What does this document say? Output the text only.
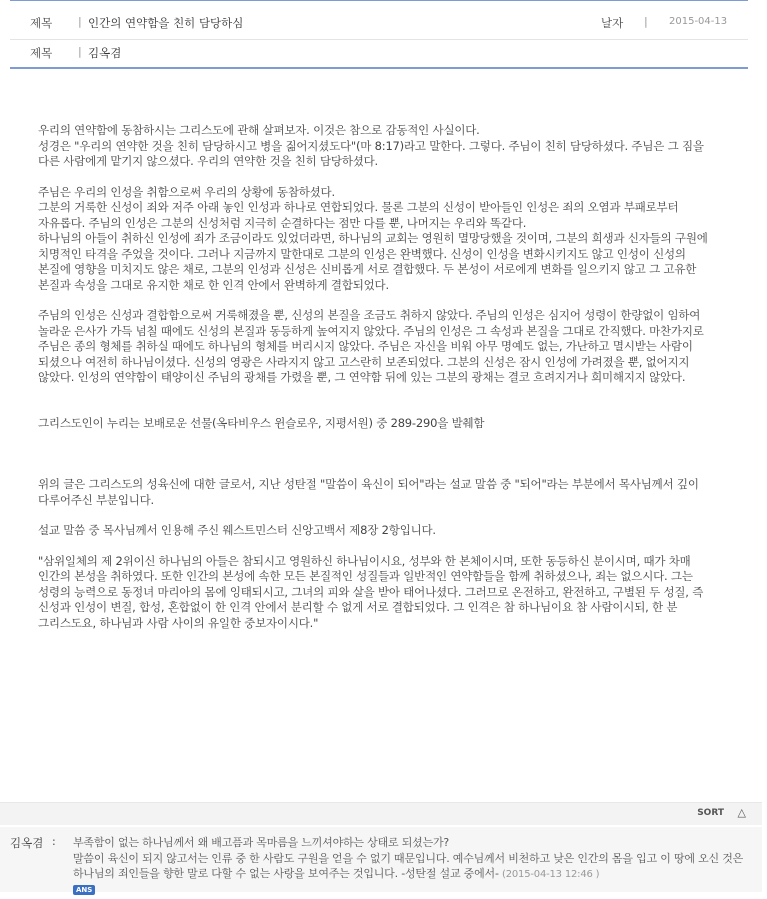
제목 | 인간의 연약함을 친히 담당하심	날자 | 2015-04-13
제목 | 김옥겸

우리의 연약함에 동참하시는 그리스도에 관해 살펴보자. 이것은 참으로 감동적인 사실이다.
성경은 "우리의 연약한 것을 친히 담당하시고 병을 짊어지셨도다"(마 8:17)라고 말한다. 그렇다. 주님이 친히 담당하셨다. 주님은 그 짐을 다른 사람에게 맡기지 않으셨다. 우리의 연약한 것을 친히 담당하셨다.

주님은 우리의 인성을 취함으로써 우리의 상황에 동참하셨다.
그분의 거룩한 신성이 죄와 저주 아래 놓인 인성과 하나로 연합되었다. 물론 그분의 신성이 받아들인 인성은 죄의 오염과 부패로부터 자유롭다. 주님의 인성은 그분의 신성처럼 지극히 순결하다는 점만 다를 뿐, 나머지는 우리와 똑같다.
하나님의 아들이 취하신 인성에 죄가 조금이라도 있었더라면, 하나님의 교회는 영원히 멸망당했을 것이며, 그분의 희생과 신자들의 구원에 치명적인 타격을 주었을 것이다. 그러나 지금까지 말한대로 그분의 인성은 완벽했다. 신성이 인성을 변화시키지도 않고 인성이 신성의 본질에 영향을 미치지도 않은 채로, 그분의 인성과 신성은 신비롭게 서로 결합했다. 두 본성이 서로에게 변화를 일으키지 않고 그 고유한 본질과 속성을 그대로 유지한 채로 한 인격 안에서 완벽하게 결합되었다.

주님의 인성은 신성과 결합함으로써 거룩해졌을 뿐, 신성의 본질을 조금도 취하지 않았다. 주님의 인성은 심지어 성령이 한량없이 임하여 놀라운 은사가 가득 넘칠 때에도 신성의 본질과 동등하게 높여지지 않았다. 주님의 인성은 그 속성과 본질을 그대로 간직했다. 마찬가지로 주님은 종의 형체를 취하실 때에도 하나님의 형체를 버리시지 않았다. 주님은 자신을 비워 아무 명예도 없는, 가난하고 멸시받는 사람이 되셨으나 여전히 하나님이셨다. 신성의 영광은 사라지지 않고 고스란히 보존되었다. 그분의 신성은 잠시 인성에 가려졌을 뿐, 없어지지 않았다. 인성의 연약함이 태양이신 주님의 광채를 가렸을 뿐, 그 연약함 뒤에 있는 그분의 광채는 결코 흐려지거나 희미해지지 않았다.

그리스도인이 누리는 보배로운 선물(옥타비우스 윈슬로우, 지평서원) 중 289-290을 발췌함

위의 글은 그리스도의 성육신에 대한 글로서, 지난 성탄절 "말씀이 육신이 되어"라는 설교 말씀 중 "되어"라는 부분에서 목사님께서 깊이 다루어주신 부분입니다.

설교 말씀 중 목사님께서 인용해 주신 웨스트민스터 신앙고백서 제8장 2항입니다.

"삼위일체의 제 2위이신 하나님의 아들은 참되시고 영원하신 하나님이시요, 성부와 한 본체이시며, 또한 동등하신 분이시며, 때가 차매 인간의 본성을 취하였다. 또한 인간의 본성에 속한 모든 본질적인 성질들과 일반적인 연약함들을 함께 취하셨으나, 죄는 없으시다. 그는 성령의 능력으로 동정녀 마리아의 몸에 잉태되시고, 그녀의 피와 살을 받아 태어나셨다. 그러므로 온전하고, 완전하고, 구별된 두 성질, 즉 신성과 인성이 변질, 합성, 혼합없이 한 인격 안에서 분리할 수 없게 서로 결합되었다. 그 인격은 참 하나님이요 참 사람이시되, 한 분 그리스도요, 하나님과 사람 사이의 유일한 중보자이시다."

SORT △
김옥겸 : 부족함이 없는 하나님께서 왜 배고픔과 목마름을 느끼셔야하는 상태로 되셨는가?

말씀이 육신이 되지 않고서는 인류 중 한 사람도 구원을 얻을 수 없기 때문입니다. 예수님께서 비천하고 낮은 인간의 몸을 입고 이 땅에 오신 것은 하나님의 죄인들을 향한 말로 다할 수 없는 사랑을 보여주는 것입니다. -성탄절 설교 중에서- (2015-04-13 12:46 )

ANS
